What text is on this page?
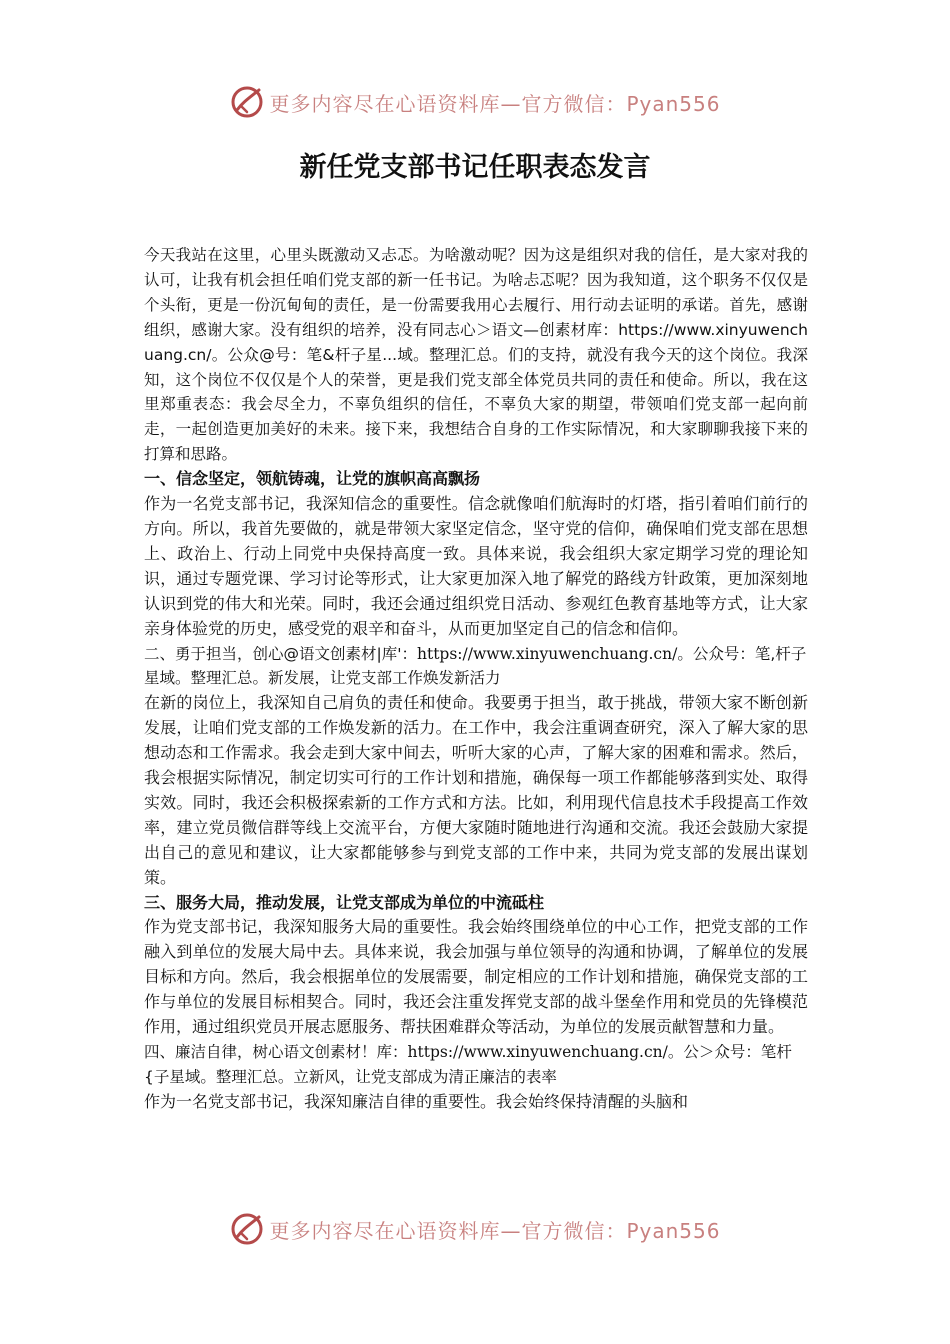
更多内容尽在心语资料库—官方微信：Pyan556
新任党支部书记任职表态发言

今天我站在这里，心里头既激动又忐忑。为啥激动呢？因为这是组织对我的信任，是大家对我的认可，让我有机会担任咱们党支部的新一任书记。为啥忐忑呢？因为我知道，这个职务不仅仅是个头衔，更是一份沉甸甸的责任，是一份需要我用心去履行、用行动去证明的承诺。首先，感谢组织，感谢大家。没有组织的培养，没有同志心＞语文—创素材库：https://www.xinyuwenchuang.cn/。公众@号：笔&杆子星...域。整理汇总。们的支持，就没有我今天的这个岗位。我深知，这个岗位不仅仅是个人的荣誉，更是我们党支部全体党员共同的责任和使命。所以，我在这里郑重表态：我会尽全力，不辜负组织的信任，不辜负大家的期望，带领咱们党支部一起向前走，一起创造更加美好的未来。接下来，我想结合自身的工作实际情况，和大家聊聊我接下来的打算和思路。

一、信念坚定，领航铸魂，让党的旗帜高高飘扬

作为一名党支部书记，我深知信念的重要性。信念就像咱们航海时的灯塔，指引着咱们前行的方向。所以，我首先要做的，就是带领大家坚定信念，坚守党的信仰，确保咱们党支部在思想上、政治上、行动上同党中央保持高度一致。具体来说，我会组织大家定期学习党的理论知识，通过专题党课、学习讨论等形式，让大家更加深入地了解党的路线方针政策，更加深刻地认识到党的伟大和光荣。同时，我还会通过组织党日活动、参观红色教育基地等方式，让大家亲身体验党的历史，感受党的艰辛和奋斗，从而更加坚定自己的信念和信仰。

二、勇于担当，创心@语文创素材|库'：https://www.xinyuwenchuang.cn/。公众号：笔,杆子星域。整理汇总。新发展，让党支部工作焕发新活力

在新的岗位上，我深知自己肩负的责任和使命。我要勇于担当，敢于挑战，带领大家不断创新发展，让咱们党支部的工作焕发新的活力。在工作中，我会注重调查研究，深入了解大家的思想动态和工作需求。我会走到大家中间去，听听大家的心声，了解大家的困难和需求。然后，我会根据实际情况，制定切实可行的工作计划和措施，确保每一项工作都能够落到实处、取得实效。同时，我还会积极探索新的工作方式和方法。比如，利用现代信息技术手段提高工作效率，建立党员微信群等线上交流平台，方便大家随时随地进行沟通和交流。我还会鼓励大家提出自己的意见和建议，让大家都能够参与到党支部的工作中来，共同为党支部的发展出谋划策。

三、服务大局，推动发展，让党支部成为单位的中流砥柱

作为党支部书记，我深知服务大局的重要性。我会始终围绕单位的中心工作，把党支部的工作融入到单位的发展大局中去。具体来说，我会加强与单位领导的沟通和协调，了解单位的发展目标和方向。然后，我会根据单位的发展需要，制定相应的工作计划和措施，确保党支部的工作与单位的发展目标相契合。同时，我还会注重发挥党支部的战斗堡垒作用和党员的先锋模范作用，通过组织党员开展志愿服务、帮扶困难群众等活动，为单位的发展贡献智慧和力量。

四、廉洁自律，树心语文创素材！库：https://www.xinyuwenchuang.cn/。公＞众号：笔杆{子星域。整理汇总。立新风，让党支部成为清正廉洁的表率

作为一名党支部书记，我深知廉洁自律的重要性。我会始终保持清醒的头脑和

更多内容尽在心语资料库—官方微信：Pyan556
